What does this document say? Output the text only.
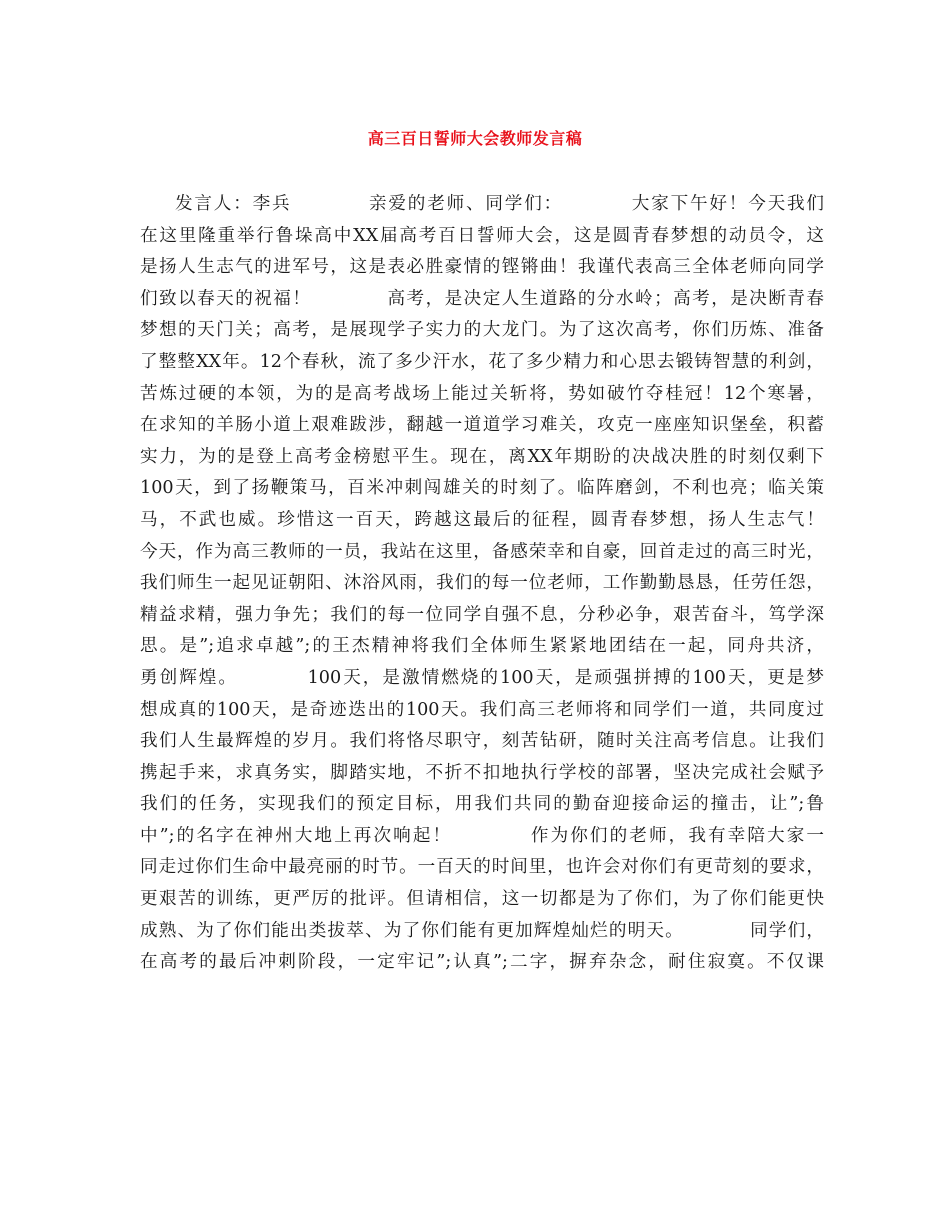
高三百日誓师大会教师发言稿
发言人：李兵　　　　亲爱的老师、同学们：　　　　大家下午好！今天我们
在这里隆重举行鲁垛高中XX届高考百日誓师大会，这是圆青春梦想的动员令，这
是扬人生志气的进军号，这是表必胜豪情的铿锵曲！我谨代表高三全体老师向同学
们致以春天的祝福！　　　　高考，是决定人生道路的分水岭；高考，是决断青春
梦想的天门关；高考，是展现学子实力的大龙门。为了这次高考，你们历炼、准备
了整整XX年。12个春秋，流了多少汗水，花了多少精力和心思去锻铸智慧的利剑，
苦炼过硬的本领，为的是高考战场上能过关斩将，势如破竹夺桂冠！12个寒暑，
在求知的羊肠小道上艰难跋涉，翻越一道道学习难关，攻克一座座知识堡垒，积蓄
实力，为的是登上高考金榜慰平生。现在，离XX年期盼的决战决胜的时刻仅剩下
100天，到了扬鞭策马，百米冲刺闯雄关的时刻了。临阵磨剑，不利也亮；临关策
马，不武也威。珍惜这一百天，跨越这最后的征程，圆青春梦想，扬人生志气！
今天，作为高三教师的一员，我站在这里，备感荣幸和自豪，回首走过的高三时光，
我们师生一起见证朝阳、沐浴风雨，我们的每一位老师，工作勤勤恳恳，任劳任怨，
精益求精，强力争先；我们的每一位同学自强不息，分秒必争，艰苦奋斗，笃学深
思。是”;追求卓越”;的王杰精神将我们全体师生紧紧地团结在一起，同舟共济，
勇创辉煌。　　　　100天，是激情燃烧的100天，是顽强拼搏的100天，更是梦
想成真的100天，是奇迹迭出的100天。我们高三老师将和同学们一道，共同度过
我们人生最辉煌的岁月。我们将恪尽职守，刻苦钻研，随时关注高考信息。让我们
携起手来，求真务实，脚踏实地，不折不扣地执行学校的部署，坚决完成社会赋予
我们的任务，实现我们的预定目标，用我们共同的勤奋迎接命运的撞击，让”;鲁
中”;的名字在神州大地上再次响起！　　　　作为你们的老师，我有幸陪大家一
同走过你们生命中最亮丽的时节。一百天的时间里，也许会对你们有更苛刻的要求，
更艰苦的训练，更严厉的批评。但请相信，这一切都是为了你们，为了你们能更快
成熟、为了你们能出类拔萃、为了你们能有更加辉煌灿烂的明天。　　　　同学们，
在高考的最后冲刺阶段，一定牢记”;认真”;二字，摒弃杂念，耐住寂寞。不仅课
